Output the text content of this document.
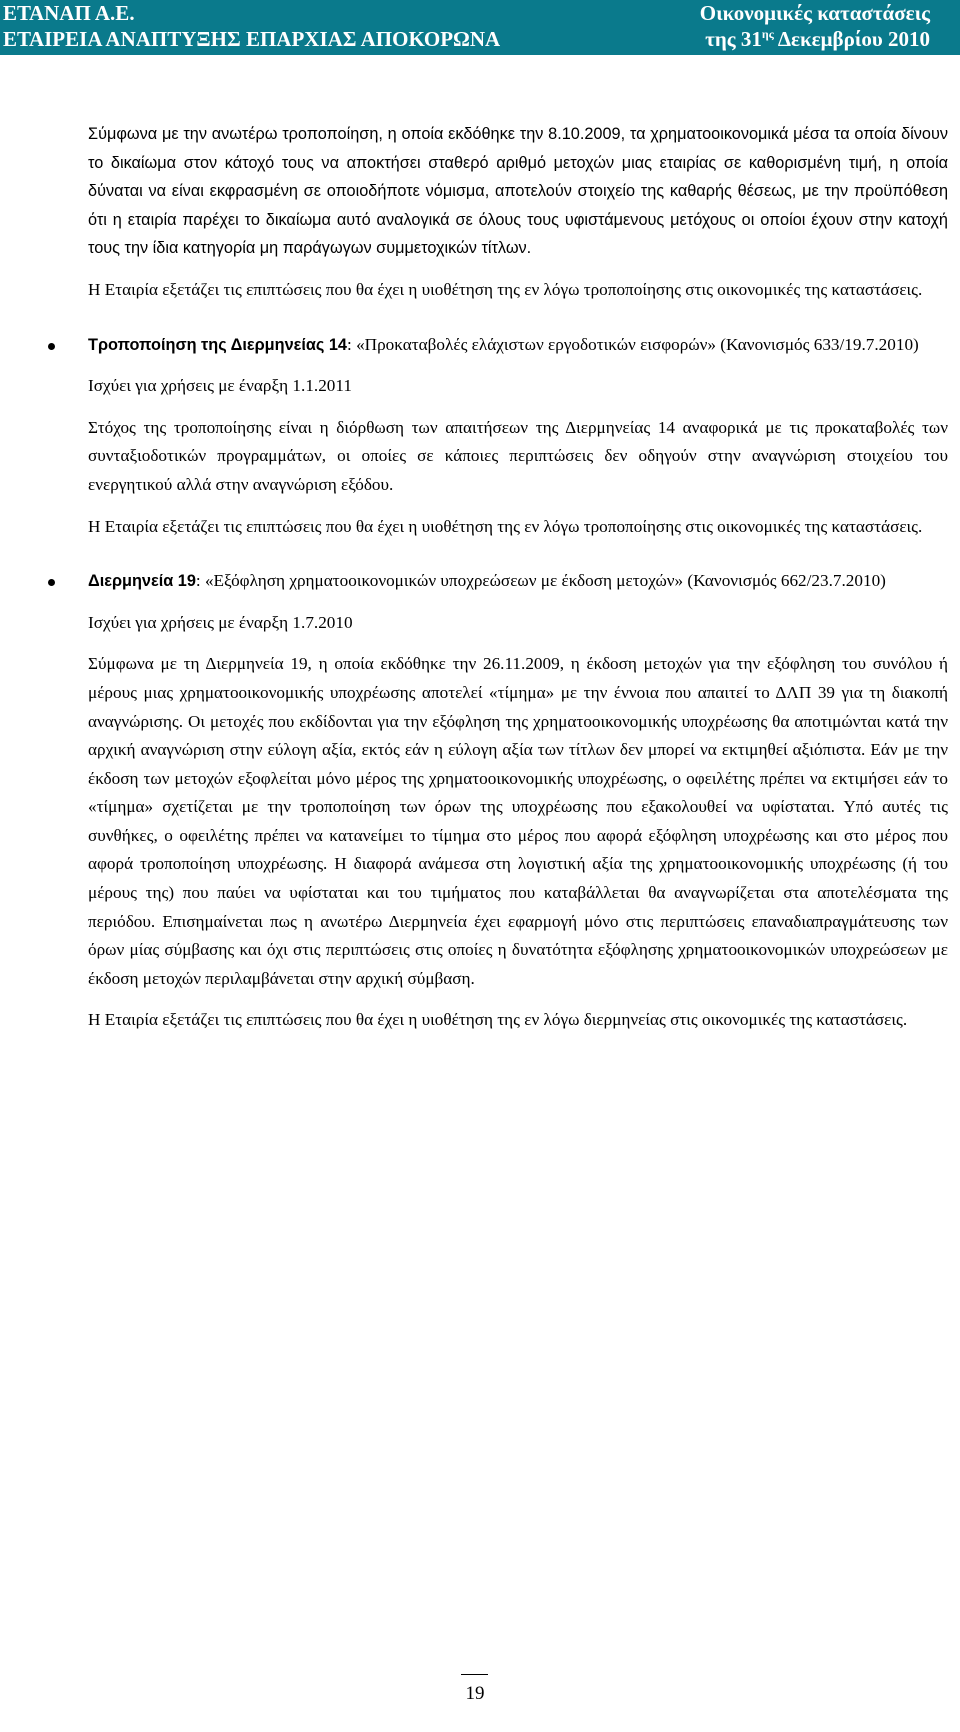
ΕΤΑΝΑΠ Α.Ε.
ΕΤΑΙΡΕΙΑ ΑΝΑΠΤΥΞΗΣ ΕΠΑΡΧΙΑΣ ΑΠΟΚΟΡΩΝΑ
Οικονομικές καταστάσεις
της $31^{\eta\varsigma}$ Δεκεμβρίου 2010

Σύμφωνα με την ανωτέρω τροποποίηση, η οποία εκδόθηκε την 8.10.2009, τα χρηματοοικονομικά μέσα τα οποία δίνουν το δικαίωμα στον κάτοχό τους να αποκτήσει σταθερό αριθμό μετοχών μιας εταιρίας σε καθορισμένη τιμή, η οποία δύναται να είναι εκφρασμένη σε οποιοδήποτε νόμισμα, αποτελούν στοιχείο της καθαρής θέσεως, με την προϋπόθεση ότι η εταιρία παρέχει το δικαίωμα αυτό αναλογικά σε όλους τους υφιστάμενους μετόχους οι οποίοι έχουν στην κατοχή τους την ίδια κατηγορία μη παράγωγων συμμετοχικών τίτλων.

Η Εταιρία εξετάζει τις επιπτώσεις που θα έχει η υιοθέτηση της εν λόγω τροποποίησης στις οικονομικές της καταστάσεις.

Τροποποίηση της Διερμηνείας 14: «Προκαταβολές ελάχιστων εργοδοτικών εισφορών» (Κανονισμός 633/19.7.2010)

Ισχύει για χρήσεις με έναρξη 1.1.2011

Στόχος της τροποποίησης είναι η διόρθωση των απαιτήσεων της Διερμηνείας 14 αναφορικά με τις προκαταβολές των συνταξιοδοτικών προγραμμάτων, οι οποίες σε κάποιες περιπτώσεις δεν οδηγούν στην αναγνώριση στοιχείου του ενεργητικού αλλά στην αναγνώριση εξόδου.

Η Εταιρία εξετάζει τις επιπτώσεις που θα έχει η υιοθέτηση της εν λόγω τροποποίησης στις οικονομικές της καταστάσεις.

Διερμηνεία 19: «Εξόφληση χρηματοοικονομικών υποχρεώσεων με έκδοση μετοχών» (Κανονισμός 662/23.7.2010)

Ισχύει για χρήσεις με έναρξη 1.7.2010

Σύμφωνα με τη Διερμηνεία 19, η οποία εκδόθηκε την 26.11.2009, η έκδοση μετοχών για την εξόφληση του συνόλου ή μέρους μιας χρηματοοικονομικής υποχρέωσης αποτελεί «τίμημα» με την έννοια που απαιτεί το ΔΛΠ 39 για τη διακοπή αναγνώρισης. Οι μετοχές που εκδίδονται για την εξόφληση της χρηματοοικονομικής υποχρέωσης θα αποτιμώνται κατά την αρχική αναγνώριση στην εύλογη αξία, εκτός εάν η εύλογη αξία των τίτλων δεν μπορεί να εκτιμηθεί αξιόπιστα. Εάν με την έκδοση των μετοχών εξοφλείται μόνο μέρος της χρηματοοικονομικής υποχρέωσης, ο οφειλέτης πρέπει να εκτιμήσει εάν το «τίμημα» σχετίζεται με την τροποποίηση των όρων της υποχρέωσης που εξακολουθεί να υφίσταται. Υπό αυτές τις συνθήκες, ο οφειλέτης πρέπει να κατανείμει το τίμημα στο μέρος που αφορά εξόφληση υποχρέωσης και στο μέρος που αφορά τροποποίηση υποχρέωσης. Η διαφορά ανάμεσα στη λογιστική αξία της χρηματοοικονομικής υποχρέωσης (ή του μέρους της) που παύει να υφίσταται και του τιμήματος που καταβάλλεται θα αναγνωρίζεται στα αποτελέσματα της περιόδου. Επισημαίνεται πως η ανωτέρω Διερμηνεία έχει εφαρμογή μόνο στις περιπτώσεις επαναδιαπραγμάτευσης των όρων μίας σύμβασης και όχι στις περιπτώσεις στις οποίες η δυνατότητα εξόφλησης χρηματοοικονομικών υποχρεώσεων με έκδοση μετοχών περιλαμβάνεται στην αρχική σύμβαση.

Η Εταιρία εξετάζει τις επιπτώσεις που θα έχει η υιοθέτηση της εν λόγω διερμηνείας στις οικονομικές της καταστάσεις.

19
